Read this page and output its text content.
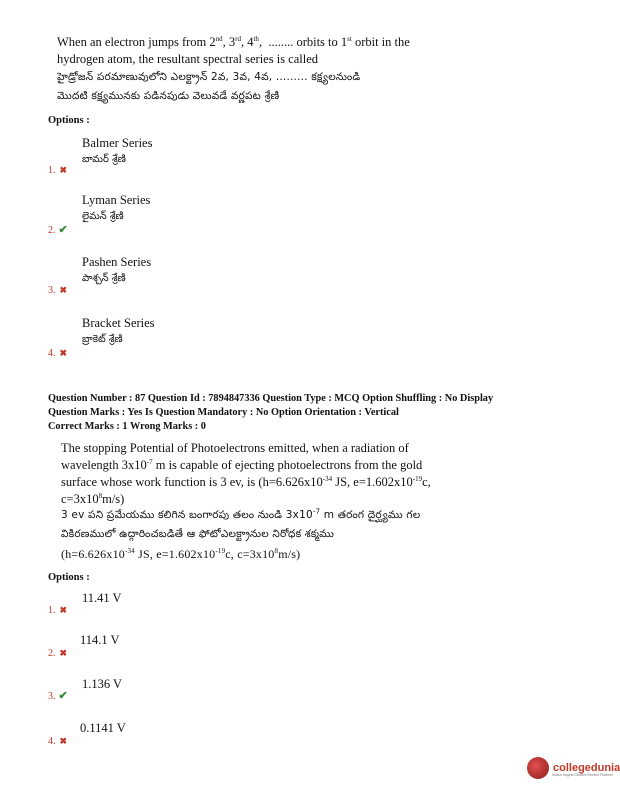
When an electron jumps from 2nd, 3rd, 4th,  ........ orbits to 1st orbit in the
hydrogen atom, the resultant spectral series is called
హైడ్రోజన్ పరమాణువులోని ఎలక్ట్రాన్ 2వ, 3వ, 4వ, ......... కక్ష్యలనుండి
మొదటి కక్ష్యమునకు పడినపుడు వెలువడే వర్ణపట శ్రేణి
Options :
Balmer Series
బామర్ శ్రేణి
1. ✖
Lyman Series
లైమన్ శ్రేణి
2. ✔
Pashen Series
పాశ్చన్ శ్రేణి
3. ✖
Bracket Series
బ్రాకెట్ శ్రేణి
4. ✖
Question Number : 87 Question Id : 7894847336 Question Type : MCQ Option Shuffling : No Display
Question Marks : Yes Is Question Mandatory : No Option Orientation : Vertical
Correct Marks : 1 Wrong Marks : 0
The stopping Potential of Photoelectrons emitted, when a radiation of
wavelength $3x10^{-7}$ m is capable of ejecting photoelectrons from the gold
surface whose work function is 3 ev, is ($h=6.626x10^{-34}$ JS, $e=1.602x10^{-19}c$,
$c=3x10^8m/s$)
3 ev పని ప్రమేయము కలిగిన బంగారపు తలం నుండి $3x10^{-7}$ m తరంగ దైర్ఘ్యము గల
వికిరణములో ఉద్గారించబడితే ఆ ఫోటోఎలక్ట్రానుల నిరోధక శక్మము
($h=6.626x10^{-34}$ JS, $e=1.602x10^{-19}c$, $c=3x10^8m/s$)
Options :
11.41 V
1. ✖
114.1 V
2. ✖
1.136 V
3. ✔
0.1141 V
4. ✖
collegedunia
India's largest Student Review Platform
